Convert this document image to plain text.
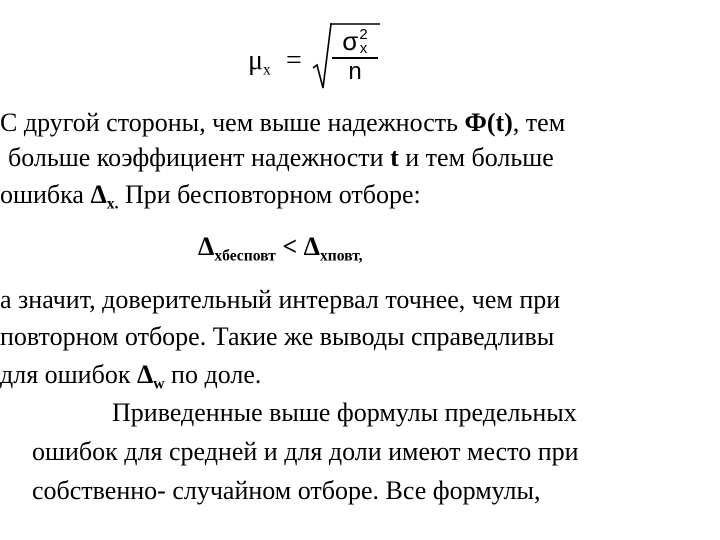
$\mu_x$ =
σ2
x
n
С другой стороны, чем выше надежность Ф(t), тем
больше коэффициент надежности t и тем больше
ошибка $\Delta_{x.}$ При бесповторном отборе:
$\Delta_{xбесповт} < \Delta_{xповт,}$
а значит, доверительный интервал точнее, чем при
повторном отборе. Такие же выводы справедливы
для ошибок $\Delta_w$ по доле.
Приведенные выше формулы предельных
ошибок для средней и для доли имеют место при
собственно- случайном отборе. Все формулы,
